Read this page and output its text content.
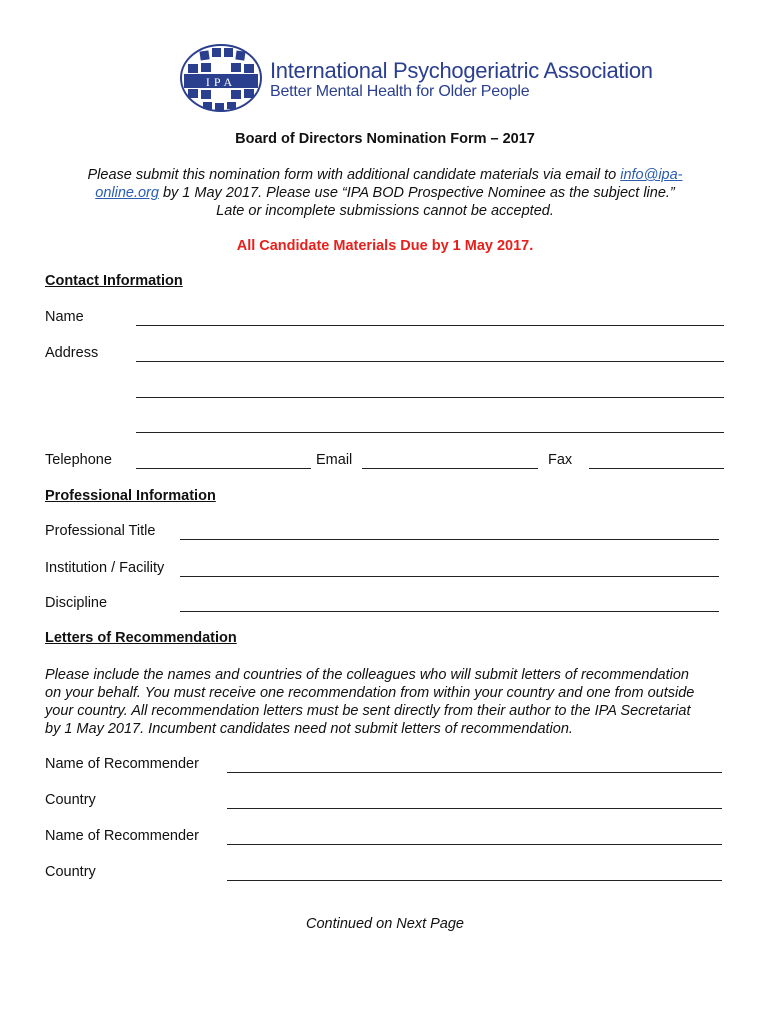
IPA International Psychogeriatric Association
Better Mental Health for Older People
Board of Directors Nomination Form – 2017
Please submit this nomination form with additional candidate materials via email to info@ipa-
online.org by 1 May 2017. Please use “IPA BOD Prospective Nominee as the subject line.”
Late or incomplete submissions cannot be accepted.
All Candidate Materials Due by 1 May 2017.
Contact Information
Name
Address
Telephone	Email	Fax
Professional Information
Professional Title
Institution / Facility
Discipline
Letters of Recommendation
Please include the names and countries of the colleagues who will submit letters of recommendation
on your behalf. You must receive one recommendation from within your country and one from outside
your country. All recommendation letters must be sent directly from their author to the IPA Secretariat
by 1 May 2017. Incumbent candidates need not submit letters of recommendation.
Name of Recommender
Country
Name of Recommender
Country
Continued on Next Page
